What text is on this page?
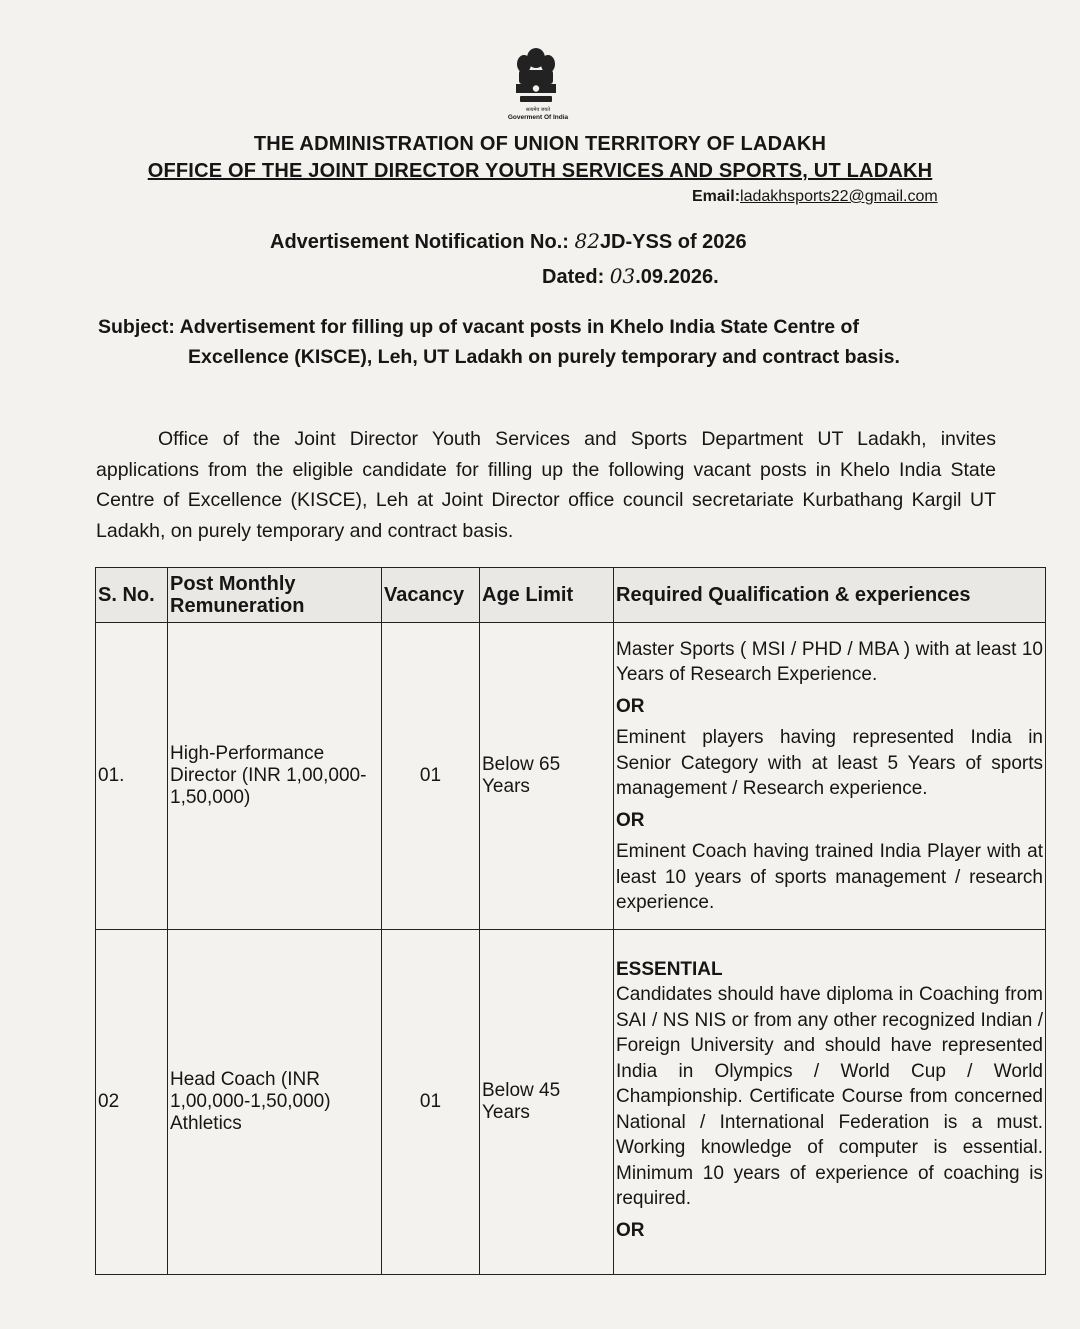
सत्यमेव जयते
Goverment Of India
THE ADMINISTRATION OF UNION TERRITORY OF LADAKH
OFFICE OF THE JOINT DIRECTOR YOUTH SERVICES AND SPORTS, UT LADAKH
Email:ladakhsports22@gmail.com
Advertisement Notification No.: 82JD-YSS of 2026
Dated: 03.09.2026.
Subject: Advertisement for filling up of vacant posts in Khelo India State Centre of
Excellence (KISCE), Leh, UT Ladakh on purely temporary and contract basis.
Office of the Joint Director Youth Services and Sports Department UT Ladakh, invites applications from the eligible candidate for filling up the following vacant posts in Khelo India State Centre of Excellence (KISCE), Leh at Joint Director office council secretariate Kurbathang Kargil UT Ladakh, on purely temporary and contract basis.
S. No.	Post Monthly Remuneration	Vacancy	Age Limit	Required Qualification & experiences
01.	High-Performance Director (INR 1,00,000-1,50,000)	01	Below 65 Years	Master Sports ( MSI / PHD / MBA ) with at least 10 Years of Research Experience.

OR

Eminent players having represented India in Senior Category with at least 5 Years of sports management / Research experience.

OR

Eminent Coach having trained India Player with at least 10 years of sports management / research experience.

02	Head Coach (INR 1,00,000-1,50,000) Athletics	01	Below 45 Years	ESSENTIAL

Candidates should have diploma in Coaching from SAI / NS NIS or from any other recognized Indian / Foreign University and should have represented India in Olympics / World Cup / World Championship. Certificate Course from concerned National / International Federation is a must. Working knowledge of computer is essential. Minimum 10 years of experience of coaching is required.

OR
